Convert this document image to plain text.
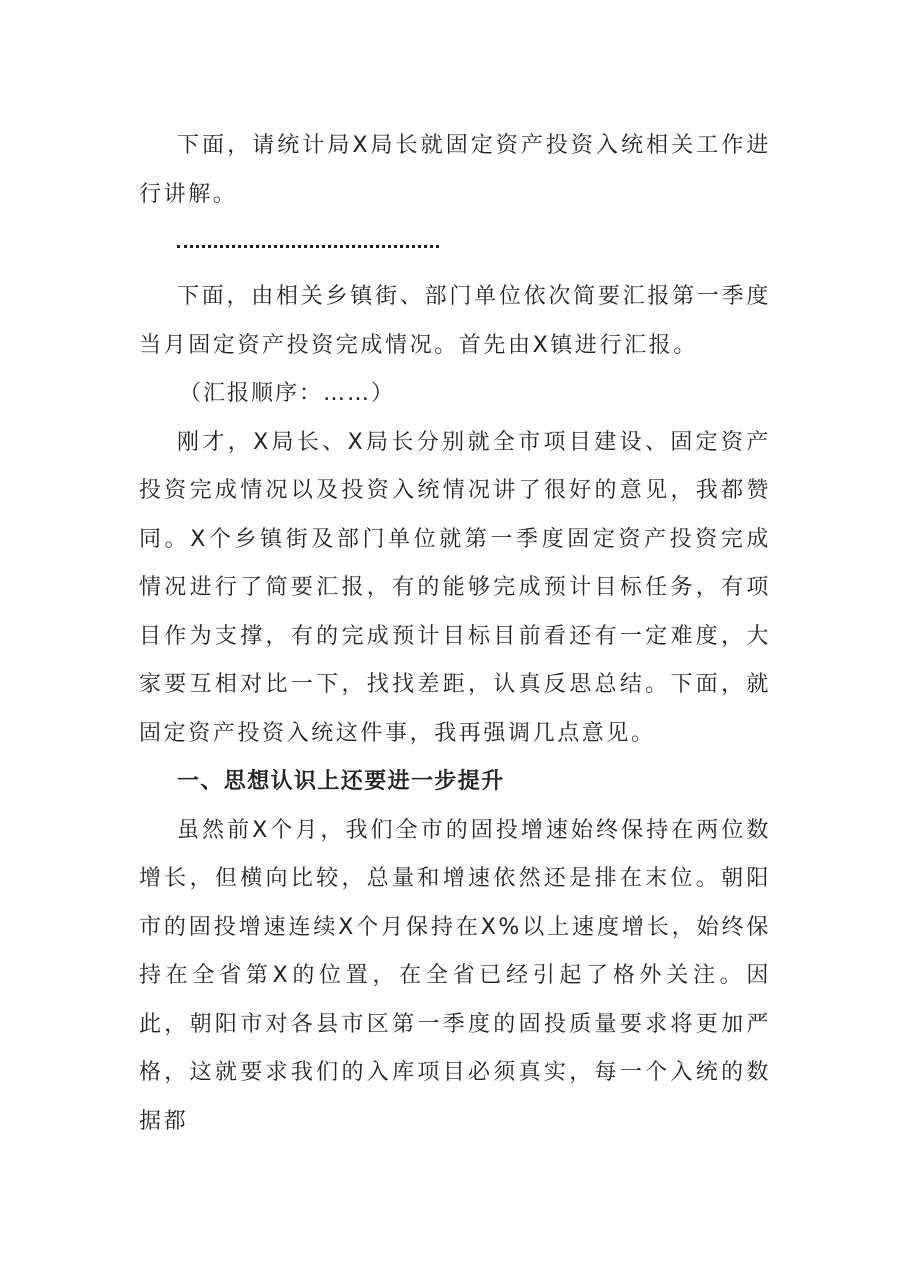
下面，请统计局X局长就固定资产投资入统相关工作进行讲解。

下面，由相关乡镇街、部门单位依次简要汇报第一季度当月固定资产投资完成情况。首先由X镇进行汇报。

（汇报顺序：……）

刚才，X局长、X局长分别就全市项目建设、固定资产投资完成情况以及投资入统情况讲了很好的意见，我都赞同。X个乡镇街及部门单位就第一季度固定资产投资完成情况进行了简要汇报，有的能够完成预计目标任务，有项目作为支撑，有的完成预计目标目前看还有一定难度，大家要互相对比一下，找找差距，认真反思总结。下面，就固定资产投资入统这件事，我再强调几点意见。

一、思想认识上还要进一步提升

虽然前X个月，我们全市的固投增速始终保持在两位数增长，但横向比较，总量和增速依然还是排在末位。朝阳市的固投增速连续X个月保持在X%以上速度增长，始终保持在全省第X的位置，在全省已经引起了格外关注。因此，朝阳市对各县市区第一季度的固投质量要求将更加严格，这就要求我们的入库项目必须真实，每一个入统的数据都
